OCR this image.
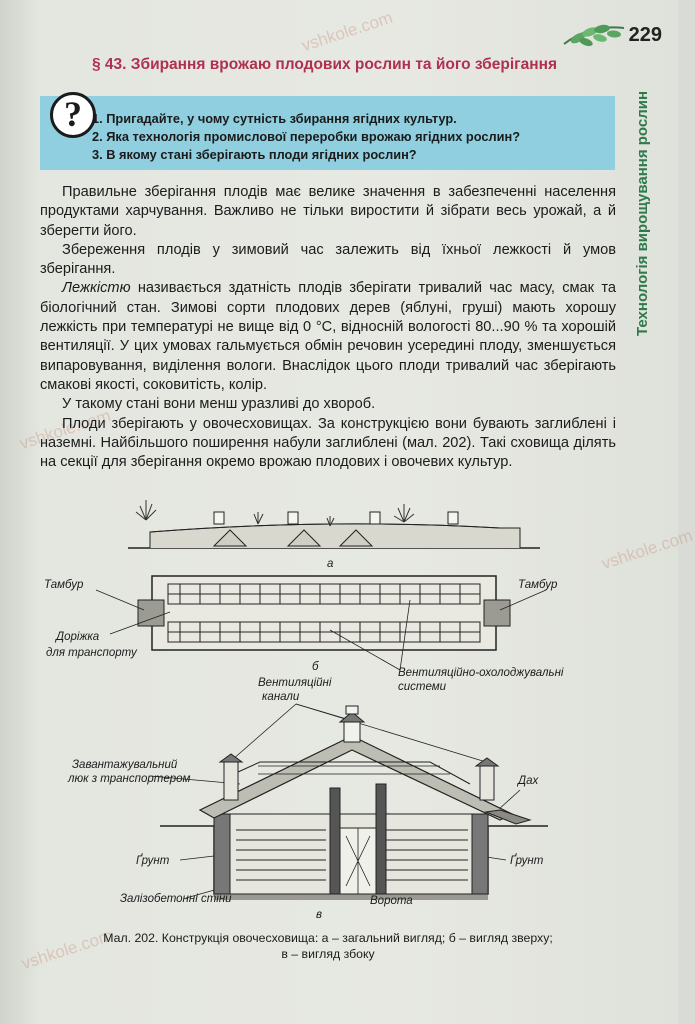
vshkole.com
vshkole.com
vshkole.com
vshkole.com
229
Технологія вирощування рослин
§ 43. Збирання врожаю плодових рослин та його зберігання
? 1. Пригадайте, у чому сутність збирання ягідних культур.
2. Яка технологія промислової переробки врожаю ягідних рослин?
3. В якому стані зберігають плоди ягідних рослин?

Правильне зберігання плодів має велике значення в забезпеченні населення продуктами харчування. Важливо не тільки виростити й зібрати весь урожай, а й зберегти його.

Збереження плодів у зимовий час залежить від їхньої лежкості й умов зберігання.

Лежкістю називається здатність плодів зберігати тривалий час масу, смак та біологічний стан. Зимові сорти плодових дерев (яблуні, груші) мають хорошу лежкість при температурі не вище від 0 °С, відносній вологості 80...90 % та хорошій вентиляції. У цих умовах гальмується обмін речовин усередині плоду, зменшується випаровування, виділення вологи. Внаслідок цього плоди тривалий час зберігають смакові якості, соковитість, колір.

У такому стані вони менш уразливі до хвороб.

Плоди зберігають у овочесховищах. За конструкцією вони бувають заглиблені і наземні. Найбільшого поширення набули заглиблені (мал. 202). Такі сховища ділять на секції для зберігання окремо врожаю плодових і овочевих культур.

а
Тамбур	Тамбур
Доріжка
для транспорту
б	Вентиляційно-охолоджувальні
системи
Вентиляційні
канали
Завантажувальний
люк з транспортером	Дах
Ґрунт	Ґрунт
Залізобетонні стіни	Ворота
в
Мал. 202. Конструкція овочесховища: а – загальний вигляд; б – вигляд зверху;
в – вигляд збоку
